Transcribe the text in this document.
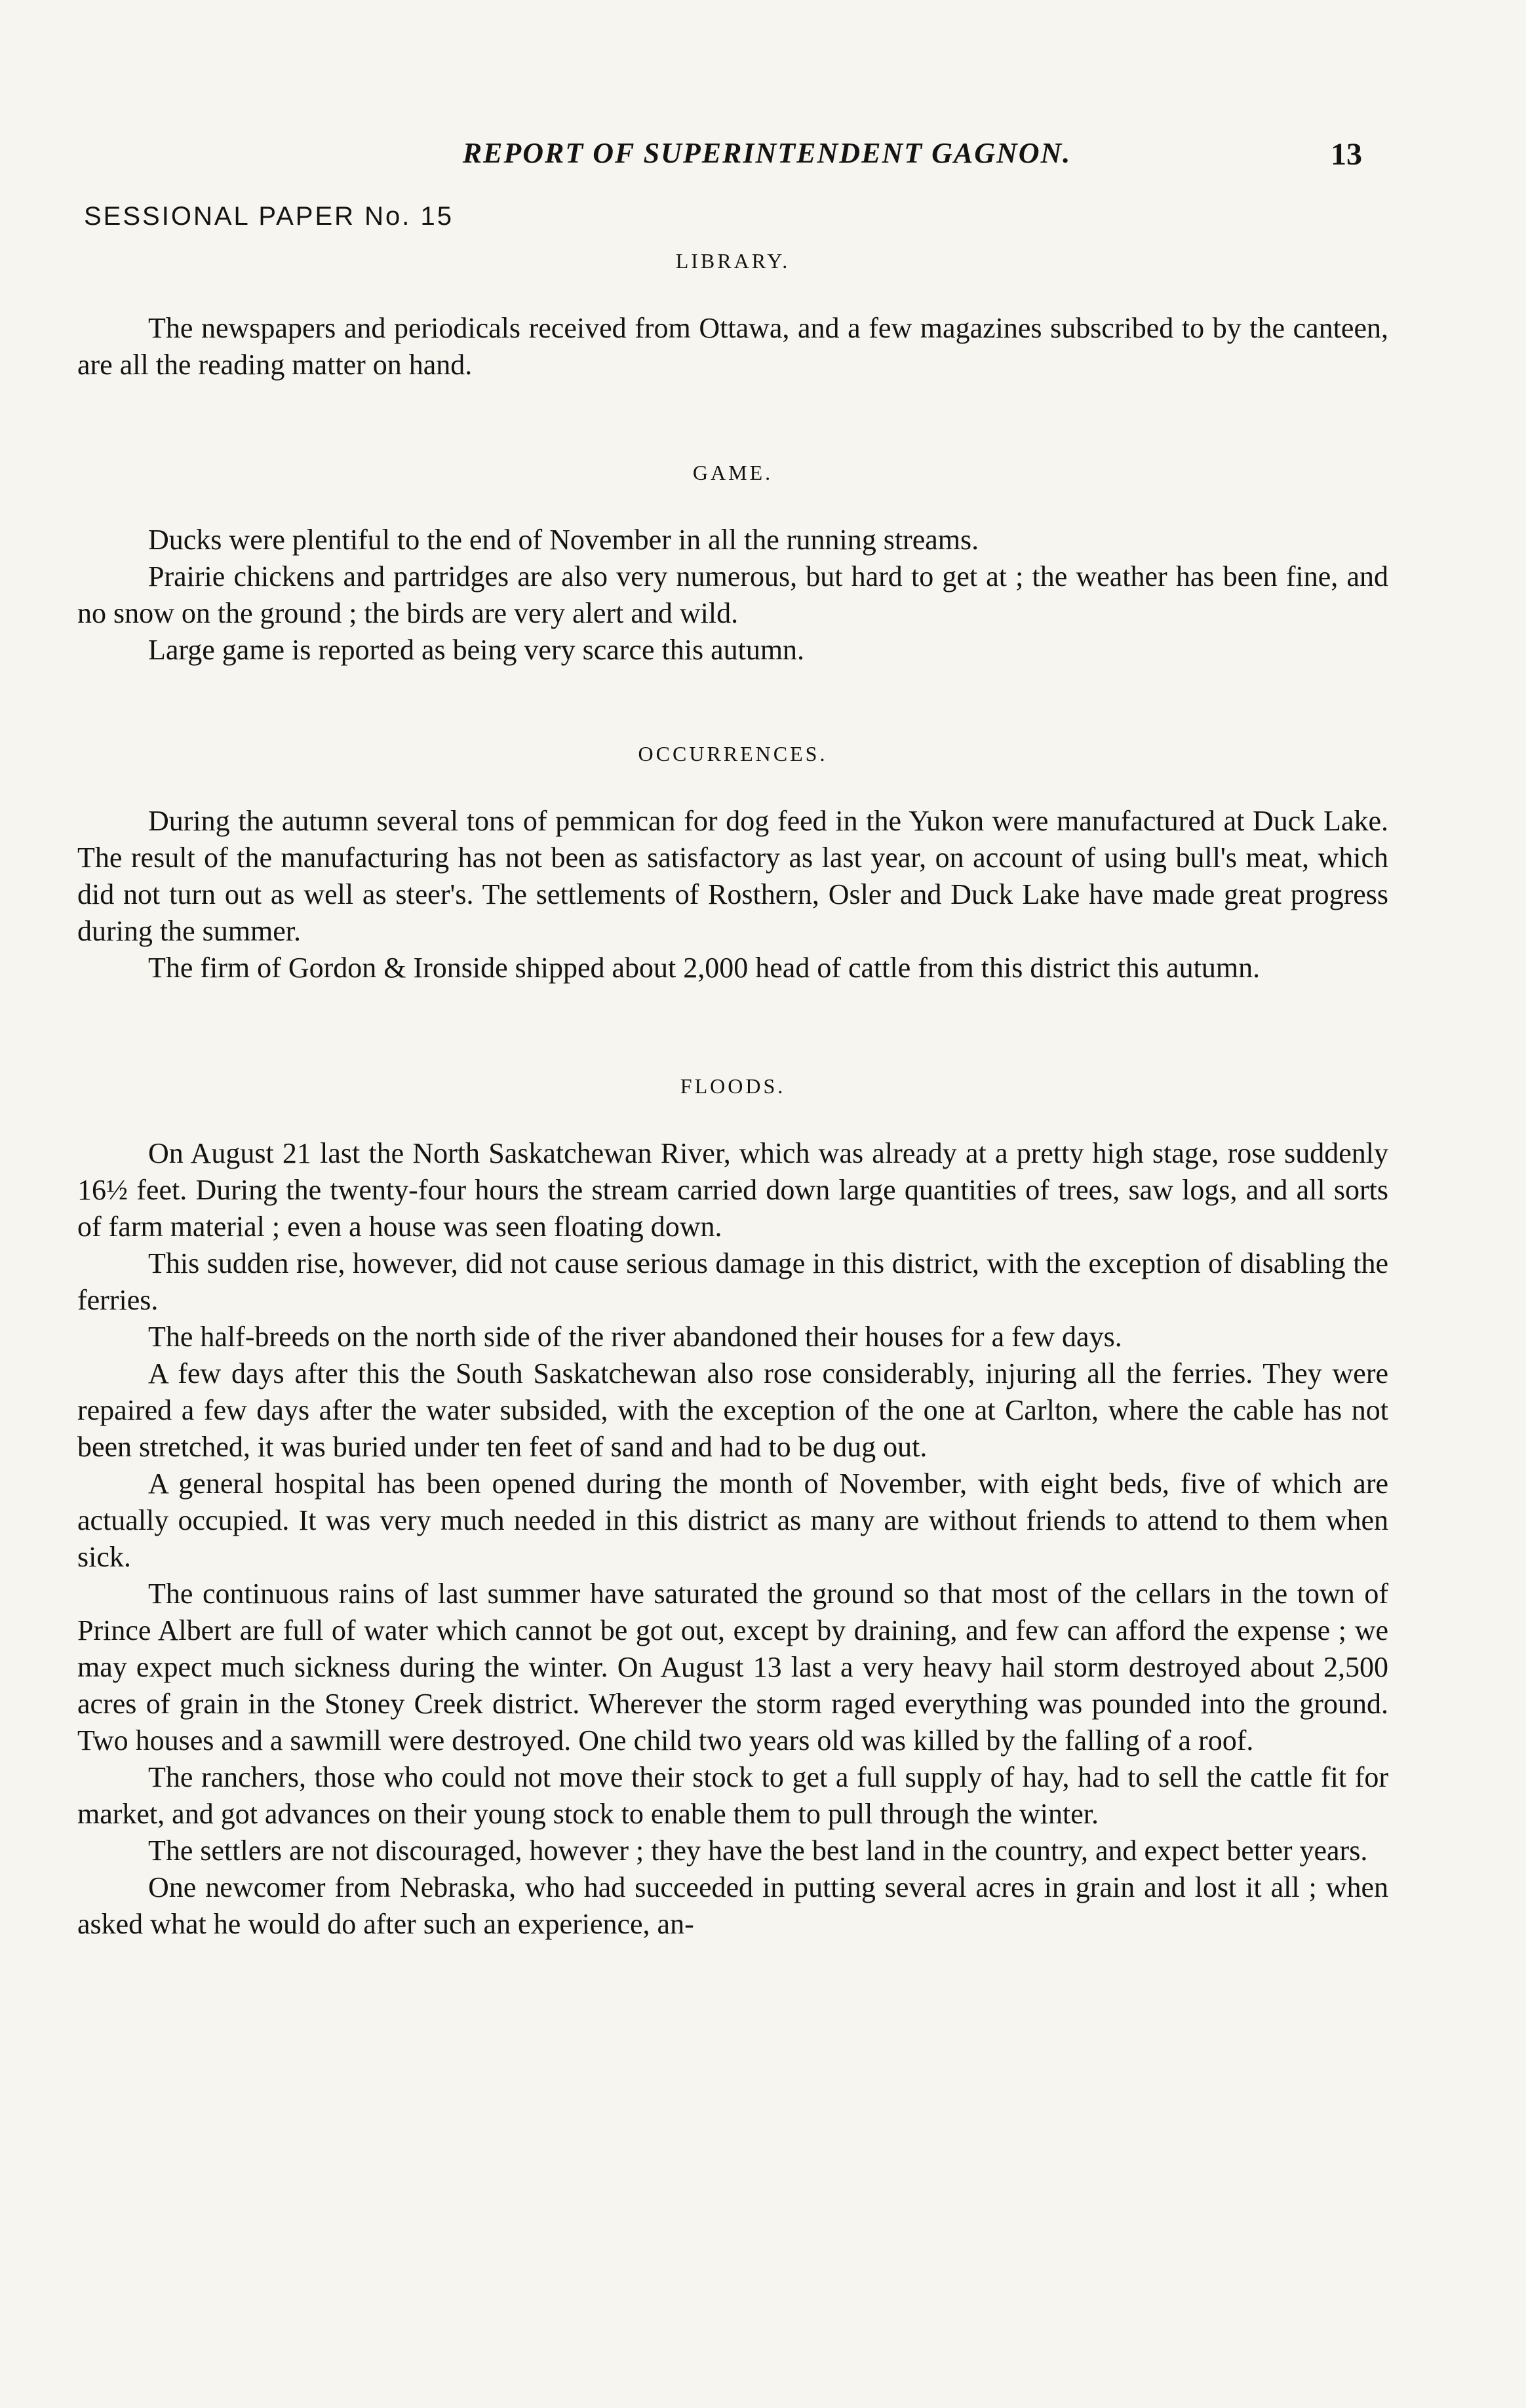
REPORT OF SUPERINTENDENT GAGNON.	13
SESSIONAL PAPER No. 15
LIBRARY.

The newspapers and periodicals received from Ottawa, and a few magazines subscribed to by the canteen, are all the reading matter on hand.

GAME.

Ducks were plentiful to the end of November in all the running streams.

Prairie chickens and partridges are also very numerous, but hard to get at ; the weather has been fine, and no snow on the ground ; the birds are very alert and wild.

Large game is reported as being very scarce this autumn.

OCCURRENCES.

During the autumn several tons of pemmican for dog feed in the Yukon were manufactured at Duck Lake. The result of the manufacturing has not been as satisfactory as last year, on account of using bull's meat, which did not turn out as well as steer's. The settlements of Rosthern, Osler and Duck Lake have made great progress during the summer.

The firm of Gordon & Ironside shipped about 2,000 head of cattle from this district this autumn.

FLOODS.

On August 21 last the North Saskatchewan River, which was already at a pretty high stage, rose suddenly 16½ feet. During the twenty-four hours the stream carried down large quantities of trees, saw logs, and all sorts of farm material ; even a house was seen floating down.

This sudden rise, however, did not cause serious damage in this district, with the exception of disabling the ferries.

The half-breeds on the north side of the river abandoned their houses for a few days.

A few days after this the South Saskatchewan also rose considerably, injuring all the ferries. They were repaired a few days after the water subsided, with the exception of the one at Carlton, where the cable has not been stretched, it was buried under ten feet of sand and had to be dug out.

A general hospital has been opened during the month of November, with eight beds, five of which are actually occupied. It was very much needed in this district as many are without friends to attend to them when sick.

The continuous rains of last summer have saturated the ground so that most of the cellars in the town of Prince Albert are full of water which cannot be got out, except by draining, and few can afford the expense ; we may expect much sickness during the winter. On August 13 last a very heavy hail storm destroyed about 2,500 acres of grain in the Stoney Creek district. Wherever the storm raged everything was pounded into the ground. Two houses and a sawmill were destroyed. One child two years old was killed by the falling of a roof.

The ranchers, those who could not move their stock to get a full supply of hay, had to sell the cattle fit for market, and got advances on their young stock to enable them to pull through the winter.

The settlers are not discouraged, however ; they have the best land in the country, and expect better years.

One newcomer from Nebraska, who had succeeded in putting several acres in grain and lost it all ; when asked what he would do after such an experience, an-
